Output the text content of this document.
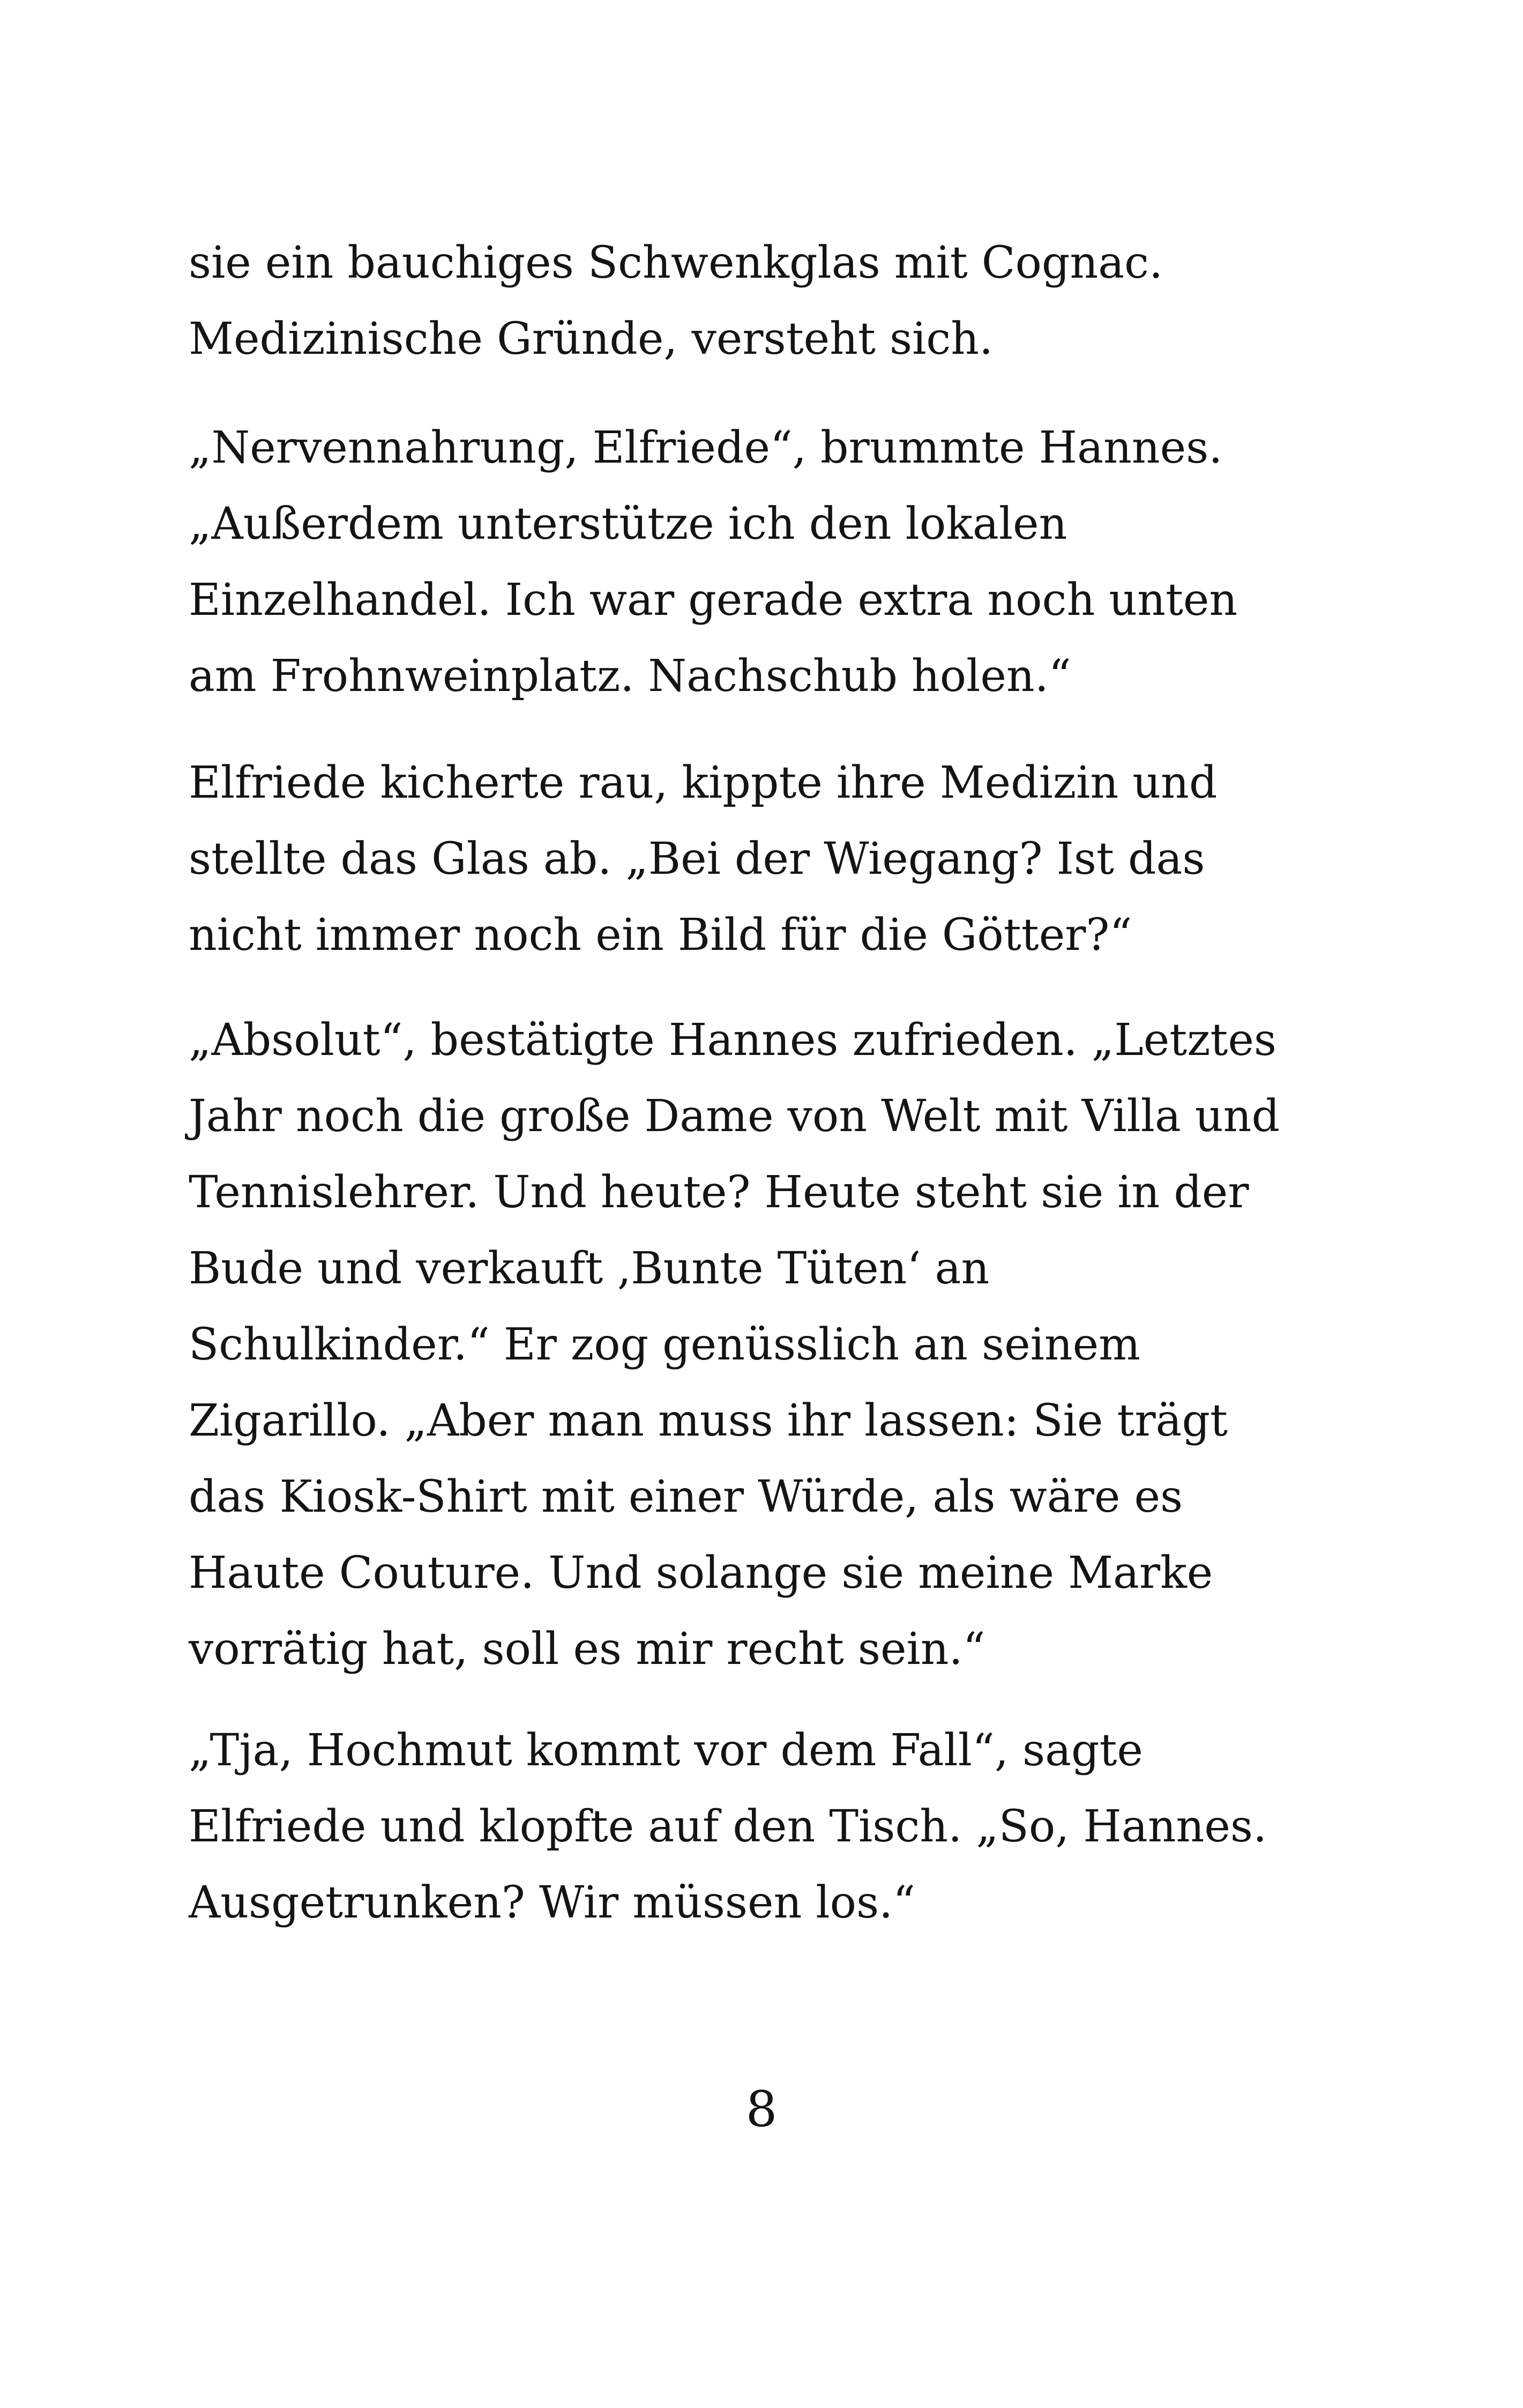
sie ein bauchiges Schwenkglas mit Cognac.
Medizinische Gründe, versteht sich.

„Nervennahrung, Elfriede“, brummte Hannes.
„Außerdem unterstütze ich den lokalen
Einzelhandel. Ich war gerade extra noch unten
am Frohnweinplatz. Nachschub holen.“

Elfriede kicherte rau, kippte ihre Medizin und
stellte das Glas ab. „Bei der Wiegang? Ist das
nicht immer noch ein Bild für die Götter?“

„Absolut“, bestätigte Hannes zufrieden. „Letztes
Jahr noch die große Dame von Welt mit Villa und
Tennislehrer. Und heute? Heute steht sie in der
Bude und verkauft ‚Bunte Tüten‘ an
Schulkinder.“ Er zog genüsslich an seinem
Zigarillo. „Aber man muss ihr lassen: Sie trägt
das Kiosk-Shirt mit einer Würde, als wäre es
Haute Couture. Und solange sie meine Marke
vorrätig hat, soll es mir recht sein.“

„Tja, Hochmut kommt vor dem Fall“, sagte
Elfriede und klopfte auf den Tisch. „So, Hannes.
Ausgetrunken? Wir müssen los.“

8
